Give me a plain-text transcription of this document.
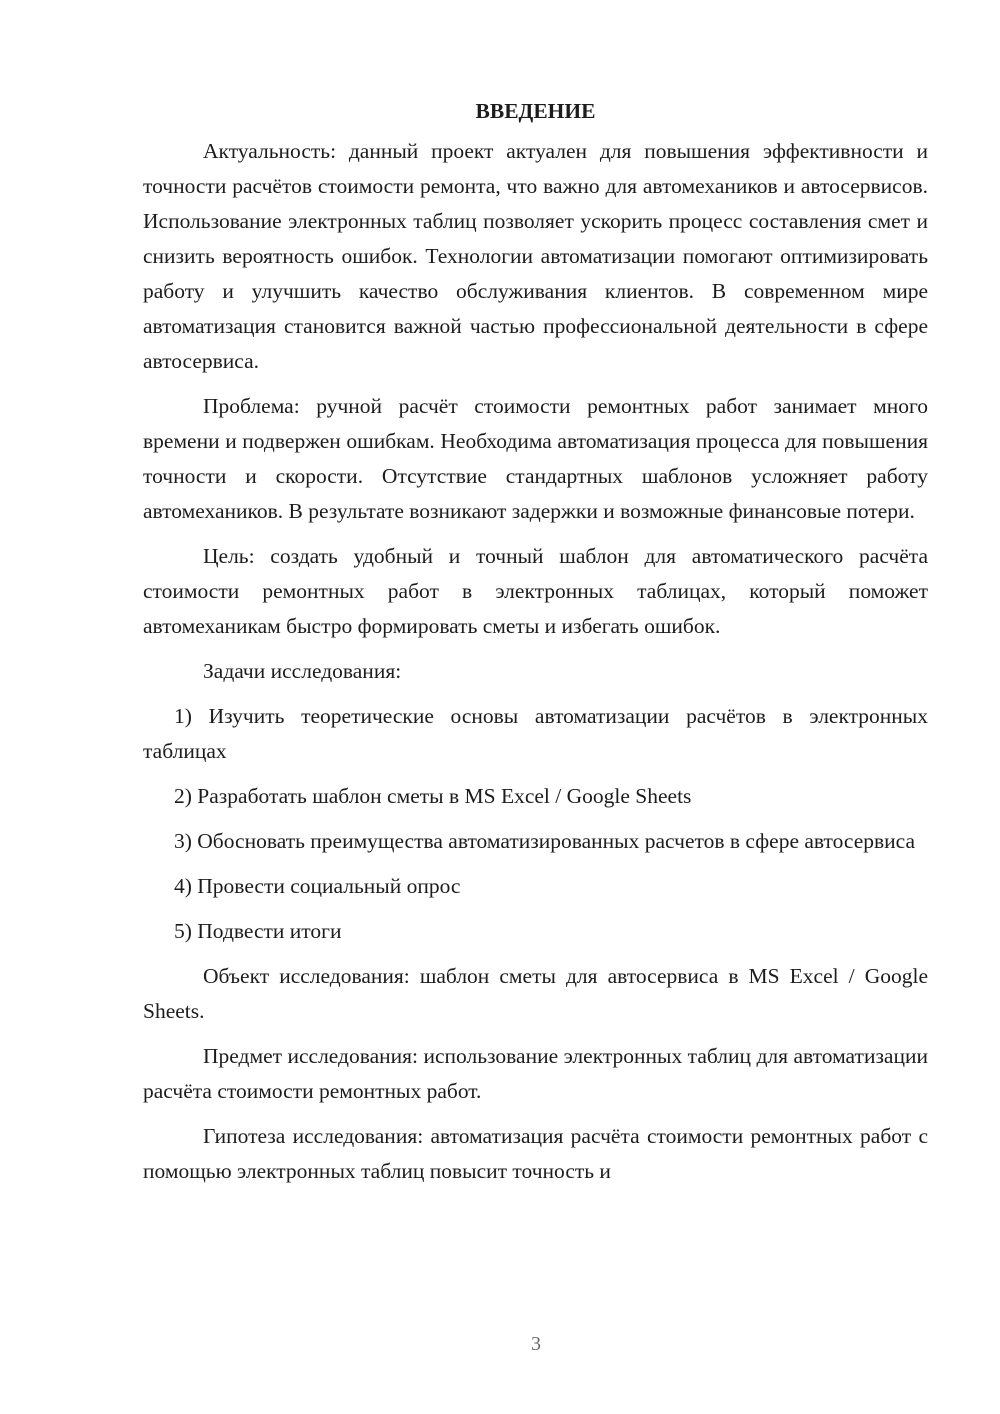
ВВЕДЕНИЕ

Актуальность: данный проект актуален для повышения эффективности и точности расчётов стоимости ремонта, что важно для автомехаников и автосервисов. Использование электронных таблиц позволяет ускорить процесс составления смет и снизить вероятность ошибок. Технологии автоматизации помогают оптимизировать работу и улучшить качество обслуживания клиентов. В современном мире автоматизация становится важной частью профессиональной деятельности в сфере автосервиса.

Проблема: ручной расчёт стоимости ремонтных работ занимает много времени и подвержен ошибкам. Необходима автоматизация процесса для повышения точности и скорости. Отсутствие стандартных шаблонов усложняет работу автомехаников. В результате возникают задержки и возможные финансовые потери.

Цель: создать удобный и точный шаблон для автоматического расчёта стоимости ремонтных работ в электронных таблицах, который поможет автомеханикам быстро формировать сметы и избегать ошибок.

Задачи исследования:

1) Изучить теоретические основы автоматизации расчётов в электронных таблицах

2) Разработать шаблон сметы в MS Excel / Google Sheets

3) Обосновать преимущества автоматизированных расчетов в сфере автосервиса

4) Провести социальный опрос

5) Подвести итоги

Объект исследования: шаблон сметы для автосервиса в MS Excel / Google Sheets.

Предмет исследования: использование электронных таблиц для автоматизации расчёта стоимости ремонтных работ.

Гипотеза исследования: автоматизация расчёта стоимости ремонтных работ с помощью электронных таблиц повысит точность и

3
